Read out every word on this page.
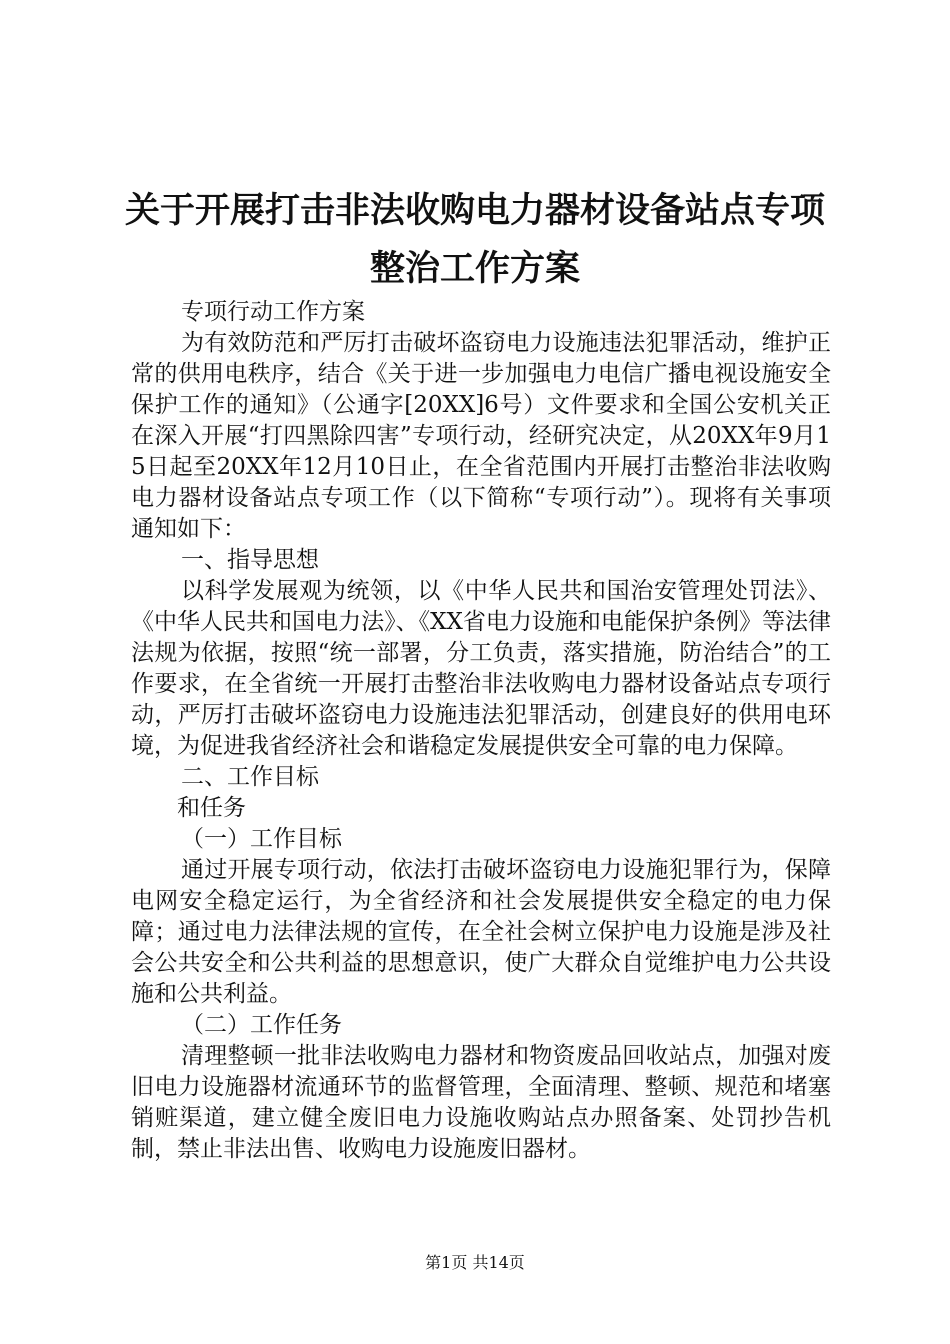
关于开展打击非法收购电力器材设备站点专项
整治工作方案

专项行动工作方案

为有效防范和严厉打击破坏盗窃电力设施违法犯罪活动，维护正常的供用电秩序，结合《关于进一步加强电力电信广播电视设施安全保护工作的通知》（公通字[20XX]6号）文件要求和全国公安机关正在深入开展“打四黑除四害”专项行动，经研究决定，从20XX年9月15日起至20XX年12月10日止，在全省范围内开展打击整治非法收购电力器材设备站点专项工作（以下简称“专项行动”）。现将有关事项通知如下：

一、指导思想

以科学发展观为统领，以《中华人民共和国治安管理处罚法》、《中华人民共和国电力法》、《XX省电力设施和电能保护条例》等法律法规为依据，按照“统一部署，分工负责，落实措施，防治结合”的工作要求，在全省统一开展打击整治非法收购电力器材设备站点专项行动，严厉打击破坏盗窃电力设施违法犯罪活动，创建良好的供用电环境，为促进我省经济社会和谐稳定发展提供安全可靠的电力保障。

二、工作目标

和任务

（一）工作目标

通过开展专项行动，依法打击破坏盗窃电力设施犯罪行为，保障电网安全稳定运行，为全省经济和社会发展提供安全稳定的电力保障；通过电力法律法规的宣传，在全社会树立保护电力设施是涉及社会公共安全和公共利益的思想意识，使广大群众自觉维护电力公共设施和公共利益。

（二）工作任务

清理整顿一批非法收购电力器材和物资废品回收站点，加强对废旧电力设施器材流通环节的监督管理，全面清理、整顿、规范和堵塞销赃渠道，建立健全废旧电力设施收购站点办照备案、处罚抄告机制，禁止非法出售、收购电力设施废旧器材。

第1页 共14页
